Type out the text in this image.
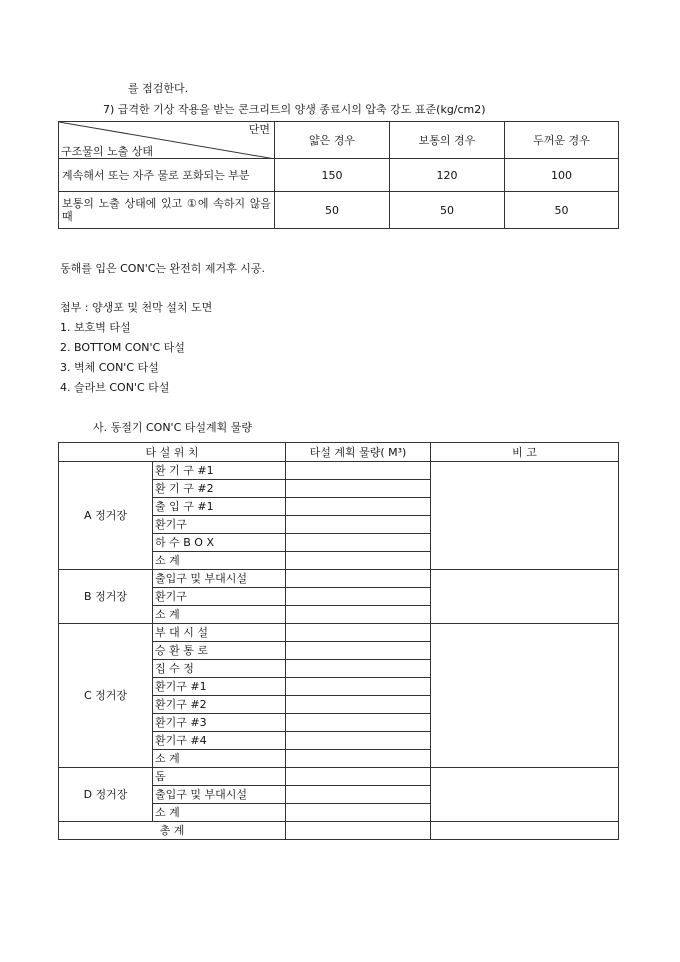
를 점검한다.
7) 급격한 기상 작용을 받는 콘크리트의 양생 종료시의 압축 강도 표준(kg/cm2)
단면
구조물의 노출 상태	얇은 경우	보통의 경우	두꺼운 경우
계속해서 또는 자주 물로 포화되는 부분	150	120	100
보통의 노출 상태에 있고 ①에 속하지 않을 때	50	50	50
동해를 입은 CON'C는 완전히 제거후 시공.
첨부 : 양생포 및 천막 설치 도면
1. 보호벽 타설
2. BOTTOM CON'C 타설
3. 벽체 CON'C 타설
4. 슬라브 CON'C 타설
사. 동절기 CON'C 타설계획 물량
타 설 위 치		타설 계획 물량( M³)	비 고
A 정거장	환 기 구 #1		
	환 기 구 #2		
	출 입 구 #1		
	환기구		
	하 수 B O X		
	소 계		
B 정거장	출입구 및 부대시설		
	환기구		
	소 계		
C 정거장	부 대 시 설		
	승 환 통 로		
	집 수 정		
	환기구 #1		
	환기구 #2		
	환기구 #3		
	환기구 #4		
	소 계		
D 정거장	돔		
	출입구 및 부대시설		
	소 계		
총 계			
